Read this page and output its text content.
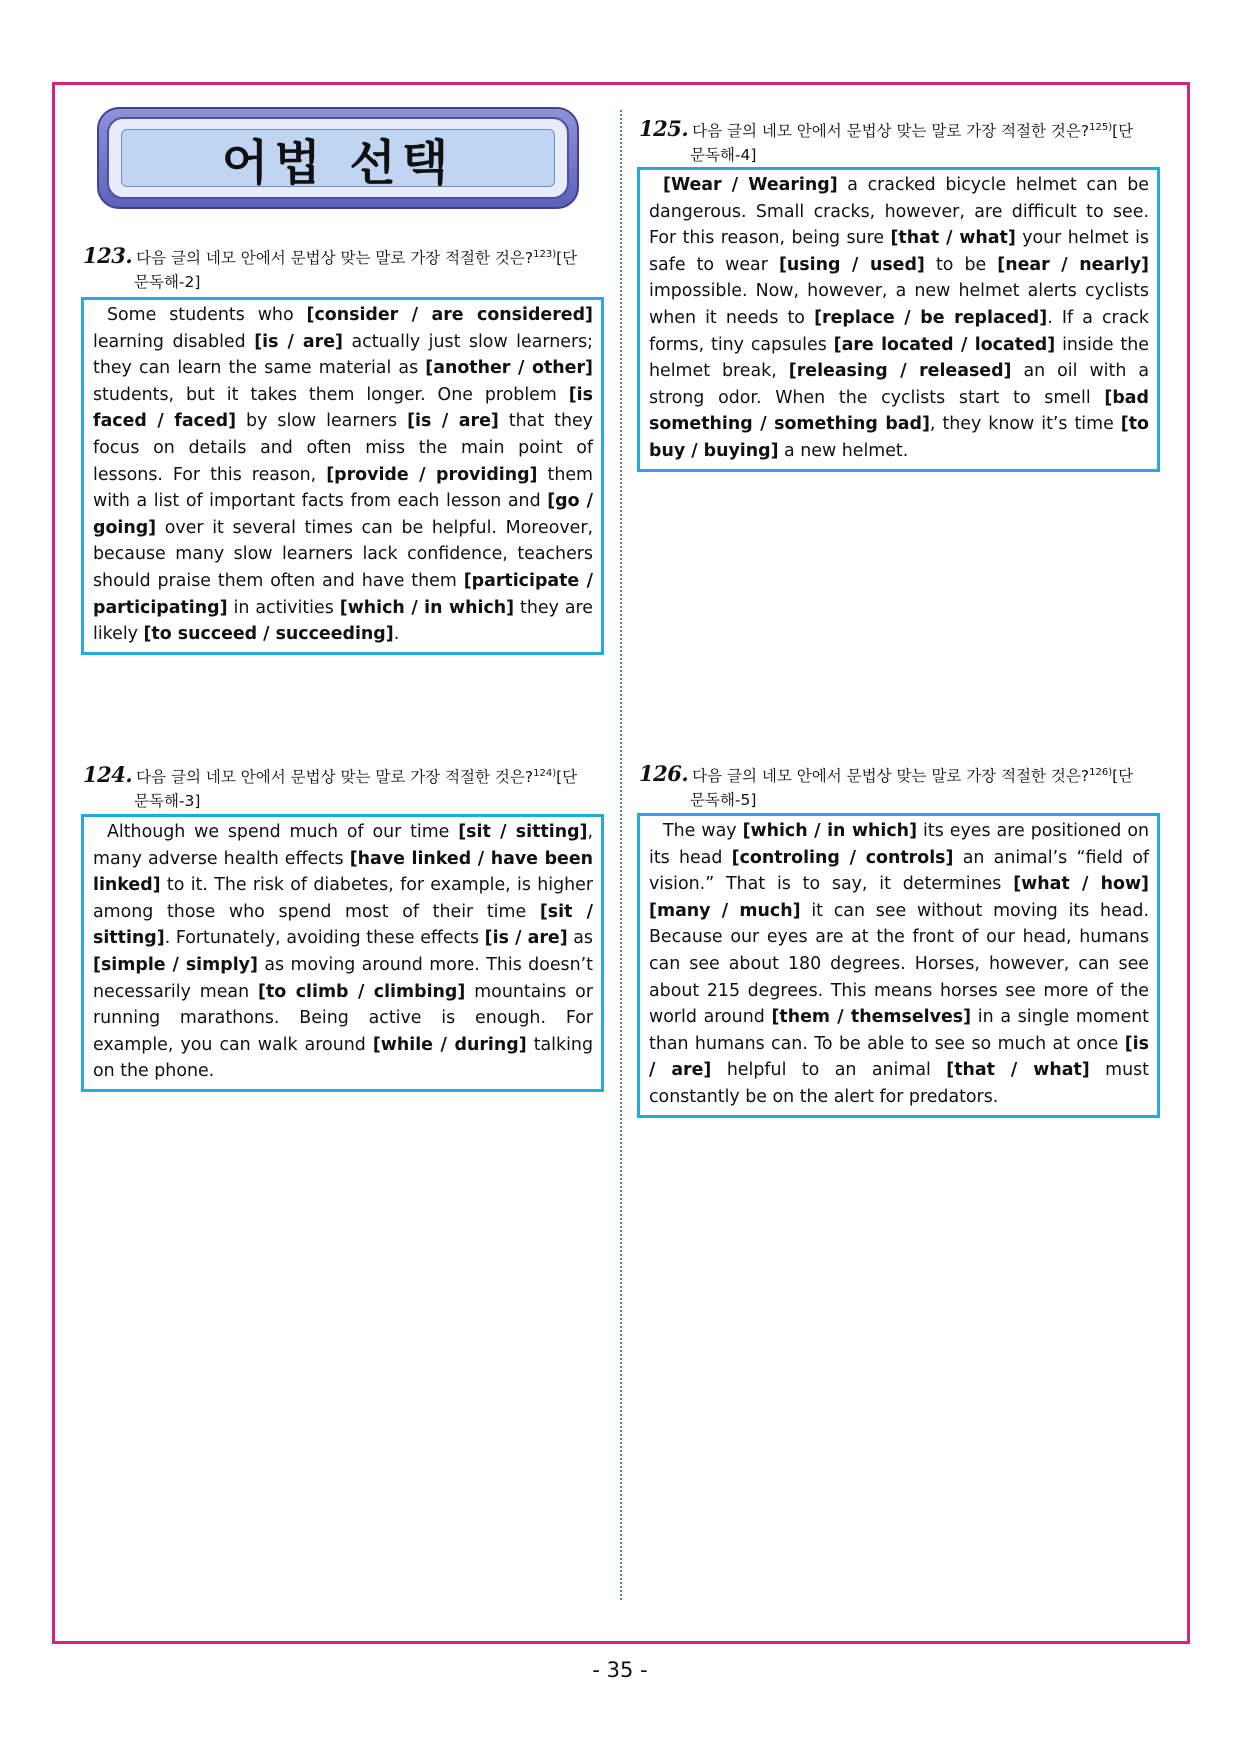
어법 선택
123. 다음 글의 네모 안에서 문법상 맞는 말로 가장 적절한 것은?$^{123)}$[단
문독해-2]

Some students who [consider / are considered] learning disabled [is / are] actually just slow learners; they can learn the same material as [another / other] students, but it takes them longer. One problem [is faced / faced] by slow learners [is / are] that they focus on details and often miss the main point of lessons. For this reason, [provide / providing] them with a list of important facts from each lesson and [go / going] over it several times can be helpful. Moreover, because many slow learners lack confidence, teachers should praise them often and have them [participate / participating] in activities [which / in which] they are likely [to succeed / succeeding].

124. 다음 글의 네모 안에서 문법상 맞는 말로 가장 적절한 것은?$^{124)}$[단
문독해-3]

Although we spend much of our time [sit / sitting], many adverse health effects [have linked / have been linked] to it. The risk of diabetes, for example, is higher among those who spend most of their time [sit / sitting]. Fortunately, avoiding these effects [is / are] as [simple / simply] as moving around more. This doesn’t necessarily mean [to climb / climbing] mountains or running marathons. Being active is enough. For example, you can walk around [while / during] talking on the phone.

125. 다음 글의 네모 안에서 문법상 맞는 말로 가장 적절한 것은?$^{125)}$[단
문독해-4]

[Wear / Wearing] a cracked bicycle helmet can be dangerous. Small cracks, however, are difficult to see. For this reason, being sure [that / what] your helmet is safe to wear [using / used] to be [near / nearly] impossible. Now, however, a new helmet alerts cyclists when it needs to [replace / be replaced]. If a crack forms, tiny capsules [are located / located] inside the helmet break, [releasing / released] an oil with a strong odor. When the cyclists start to smell [bad something / something bad], they know it’s time [to buy / buying] a new helmet.

126. 다음 글의 네모 안에서 문법상 맞는 말로 가장 적절한 것은?$^{126)}$[단
문독해-5]

The way [which / in which] its eyes are positioned on its head [controling / controls] an animal’s “field of vision.” That is to say, it determines [what / how] [many / much] it can see without moving its head. Because our eyes are at the front of our head, humans can see about 180 degrees. Horses, however, can see about 215 degrees. This means horses see more of the world around [them / themselves] in a single moment than humans can. To be able to see so much at once [is / are] helpful to an animal [that / what] must constantly be on the alert for predators.

- 35 -
